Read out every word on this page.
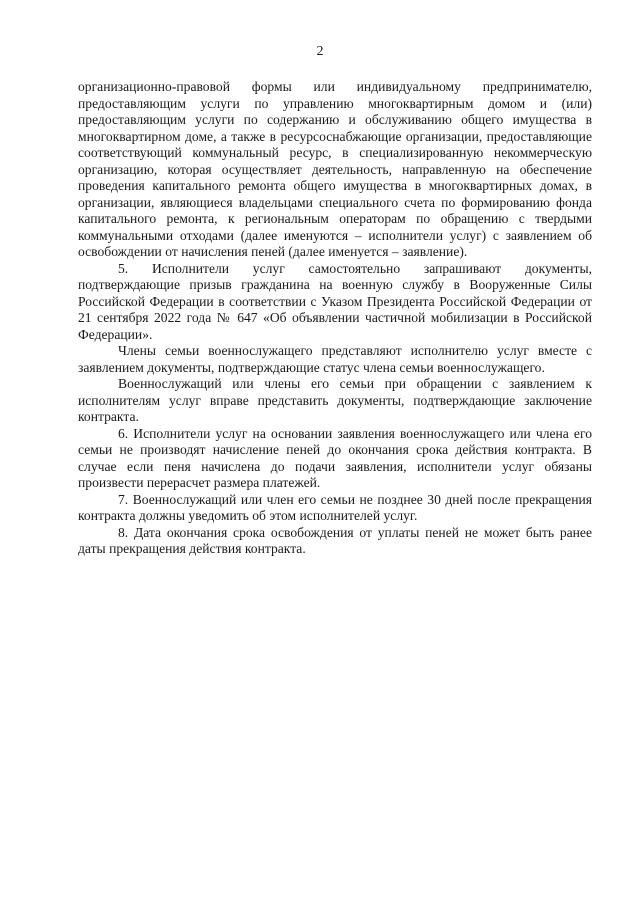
2

организационно-правовой формы или индивидуальному предпринимателю, предоставляющим услуги по управлению многоквартирным домом и (или) предоставляющим услуги по содержанию и обслуживанию общего имущества в многоквартирном доме, а также в ресурсоснабжающие организации, предоставляющие соответствующий коммунальный ресурс, в специализированную некоммерческую организацию, которая осуществляет деятельность, направленную на обеспечение проведения капитального ремонта общего имущества в многоквартирных домах, в организации, являющиеся владельцами специального счета по формированию фонда капитального ремонта, к региональным операторам по обращению с твердыми коммунальными отходами (далее именуются – исполнители услуг) с заявлением об освобождении от начисления пеней (далее именуется – заявление).

5. Исполнители услуг самостоятельно запрашивают документы, подтверждающие призыв гражданина на военную службу в Вооруженные Силы Российской Федерации в соответствии с Указом Президента Российской Федерации от 21 сентября 2022 года № 647 «Об объявлении частичной мобилизации в Российской Федерации».

Члены семьи военнослужащего представляют исполнителю услуг вместе с заявлением документы, подтверждающие статус члена семьи военнослужащего.

Военнослужащий или члены его семьи при обращении с заявлением к исполнителям услуг вправе представить документы, подтверждающие заключение контракта.

6. Исполнители услуг на основании заявления военнослужащего или члена его семьи не производят начисление пеней до окончания срока действия контракта. В случае если пеня начислена до подачи заявления, исполнители услуг обязаны произвести перерасчет размера платежей.

7. Военнослужащий или член его семьи не позднее 30 дней после прекращения контракта должны уведомить об этом исполнителей услуг.

8. Дата окончания срока освобождения от уплаты пеней не может быть ранее даты прекращения действия контракта.
